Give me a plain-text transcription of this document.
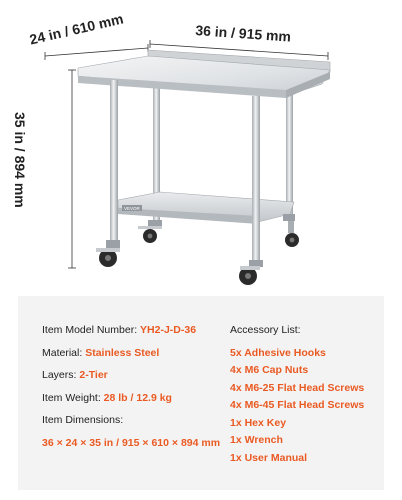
24 in / 610 mm	36 in / 915 mm
35 in / 894 mm
VEVOR
Item Model Number: YH2-J-D-36
Material: Stainless Steel
Layers: 2-Tier
Item Weight: 28 lb / 12.9 kg
Item Dimensions:
36 × 24 × 35 in / 915 × 610 × 894 mm
Accessory List:
5x Adhesive Hooks
4x M6 Cap Nuts
4x M6-25 Flat Head Screws
4x M6-45 Flat Head Screws
1x Hex Key
1x Wrench
1x User Manual
